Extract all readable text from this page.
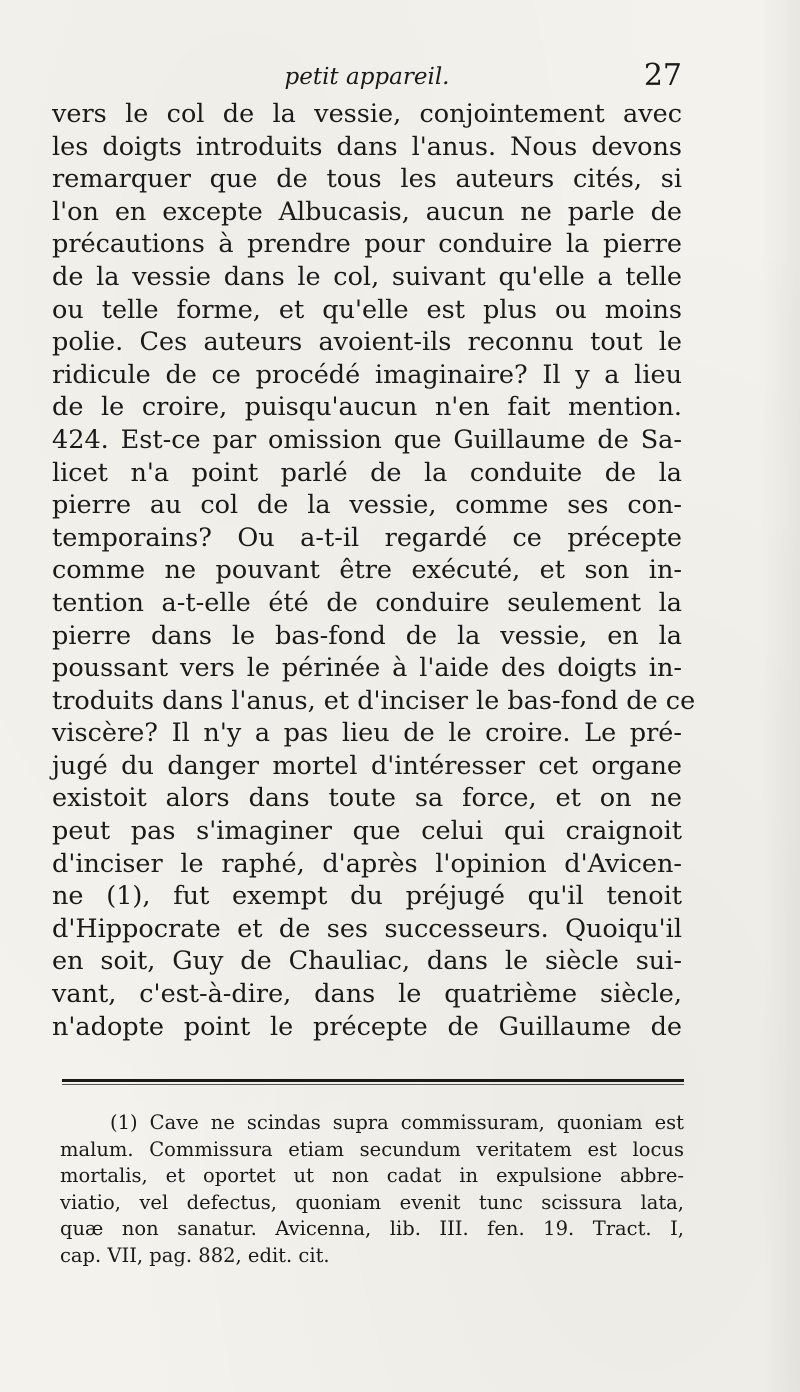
petit appareil.	27
vers le col de la vessie, conjointement avec
les doigts introduits dans l'anus. Nous devons
remarquer que de tous les auteurs cités, si
l'on en excepte Albucasis, aucun ne parle de
précautions à prendre pour conduire la pierre
de la vessie dans le col, suivant qu'elle a telle
ou telle forme, et qu'elle est plus ou moins
polie. Ces auteurs avoient-ils reconnu tout le
ridicule de ce procédé imaginaire? Il y a lieu
de le croire, puisqu'aucun n'en fait mention.
424. Est-ce par omission que Guillaume de Sa-
licet n'a point parlé de la conduite de la
pierre au col de la vessie, comme ses con-
temporains? Ou a-t-il regardé ce précepte
comme ne pouvant être exécuté, et son in-
tention a-t-elle été de conduire seulement la
pierre dans le bas-fond de la vessie, en la
poussant vers le périnée à l'aide des doigts in-
troduits dans l'anus, et d'inciser le bas-fond de ce
viscère? Il n'y a pas lieu de le croire. Le pré-
jugé du danger mortel d'intéresser cet organe
existoit alors dans toute sa force, et on ne
peut pas s'imaginer que celui qui craignoit
d'inciser le raphé, d'après l'opinion d'Avicen-
ne (1), fut exempt du préjugé qu'il tenoit
d'Hippocrate et de ses successeurs. Quoiqu'il
en soit, Guy de Chauliac, dans le siècle sui-
vant, c'est-à-dire, dans le quatrième siècle,
n'adopte point le précepte de Guillaume de
(1) Cave ne scindas supra commissuram, quoniam est
malum. Commissura etiam secundum veritatem est locus
mortalis, et oportet ut non cadat in expulsione abbre-
viatio, vel defectus, quoniam evenit tunc scissura lata,
quæ non sanatur. Avicenna, lib. III. fen. 19. Tract. I,
cap. VII, pag. 882, edit. cit.
